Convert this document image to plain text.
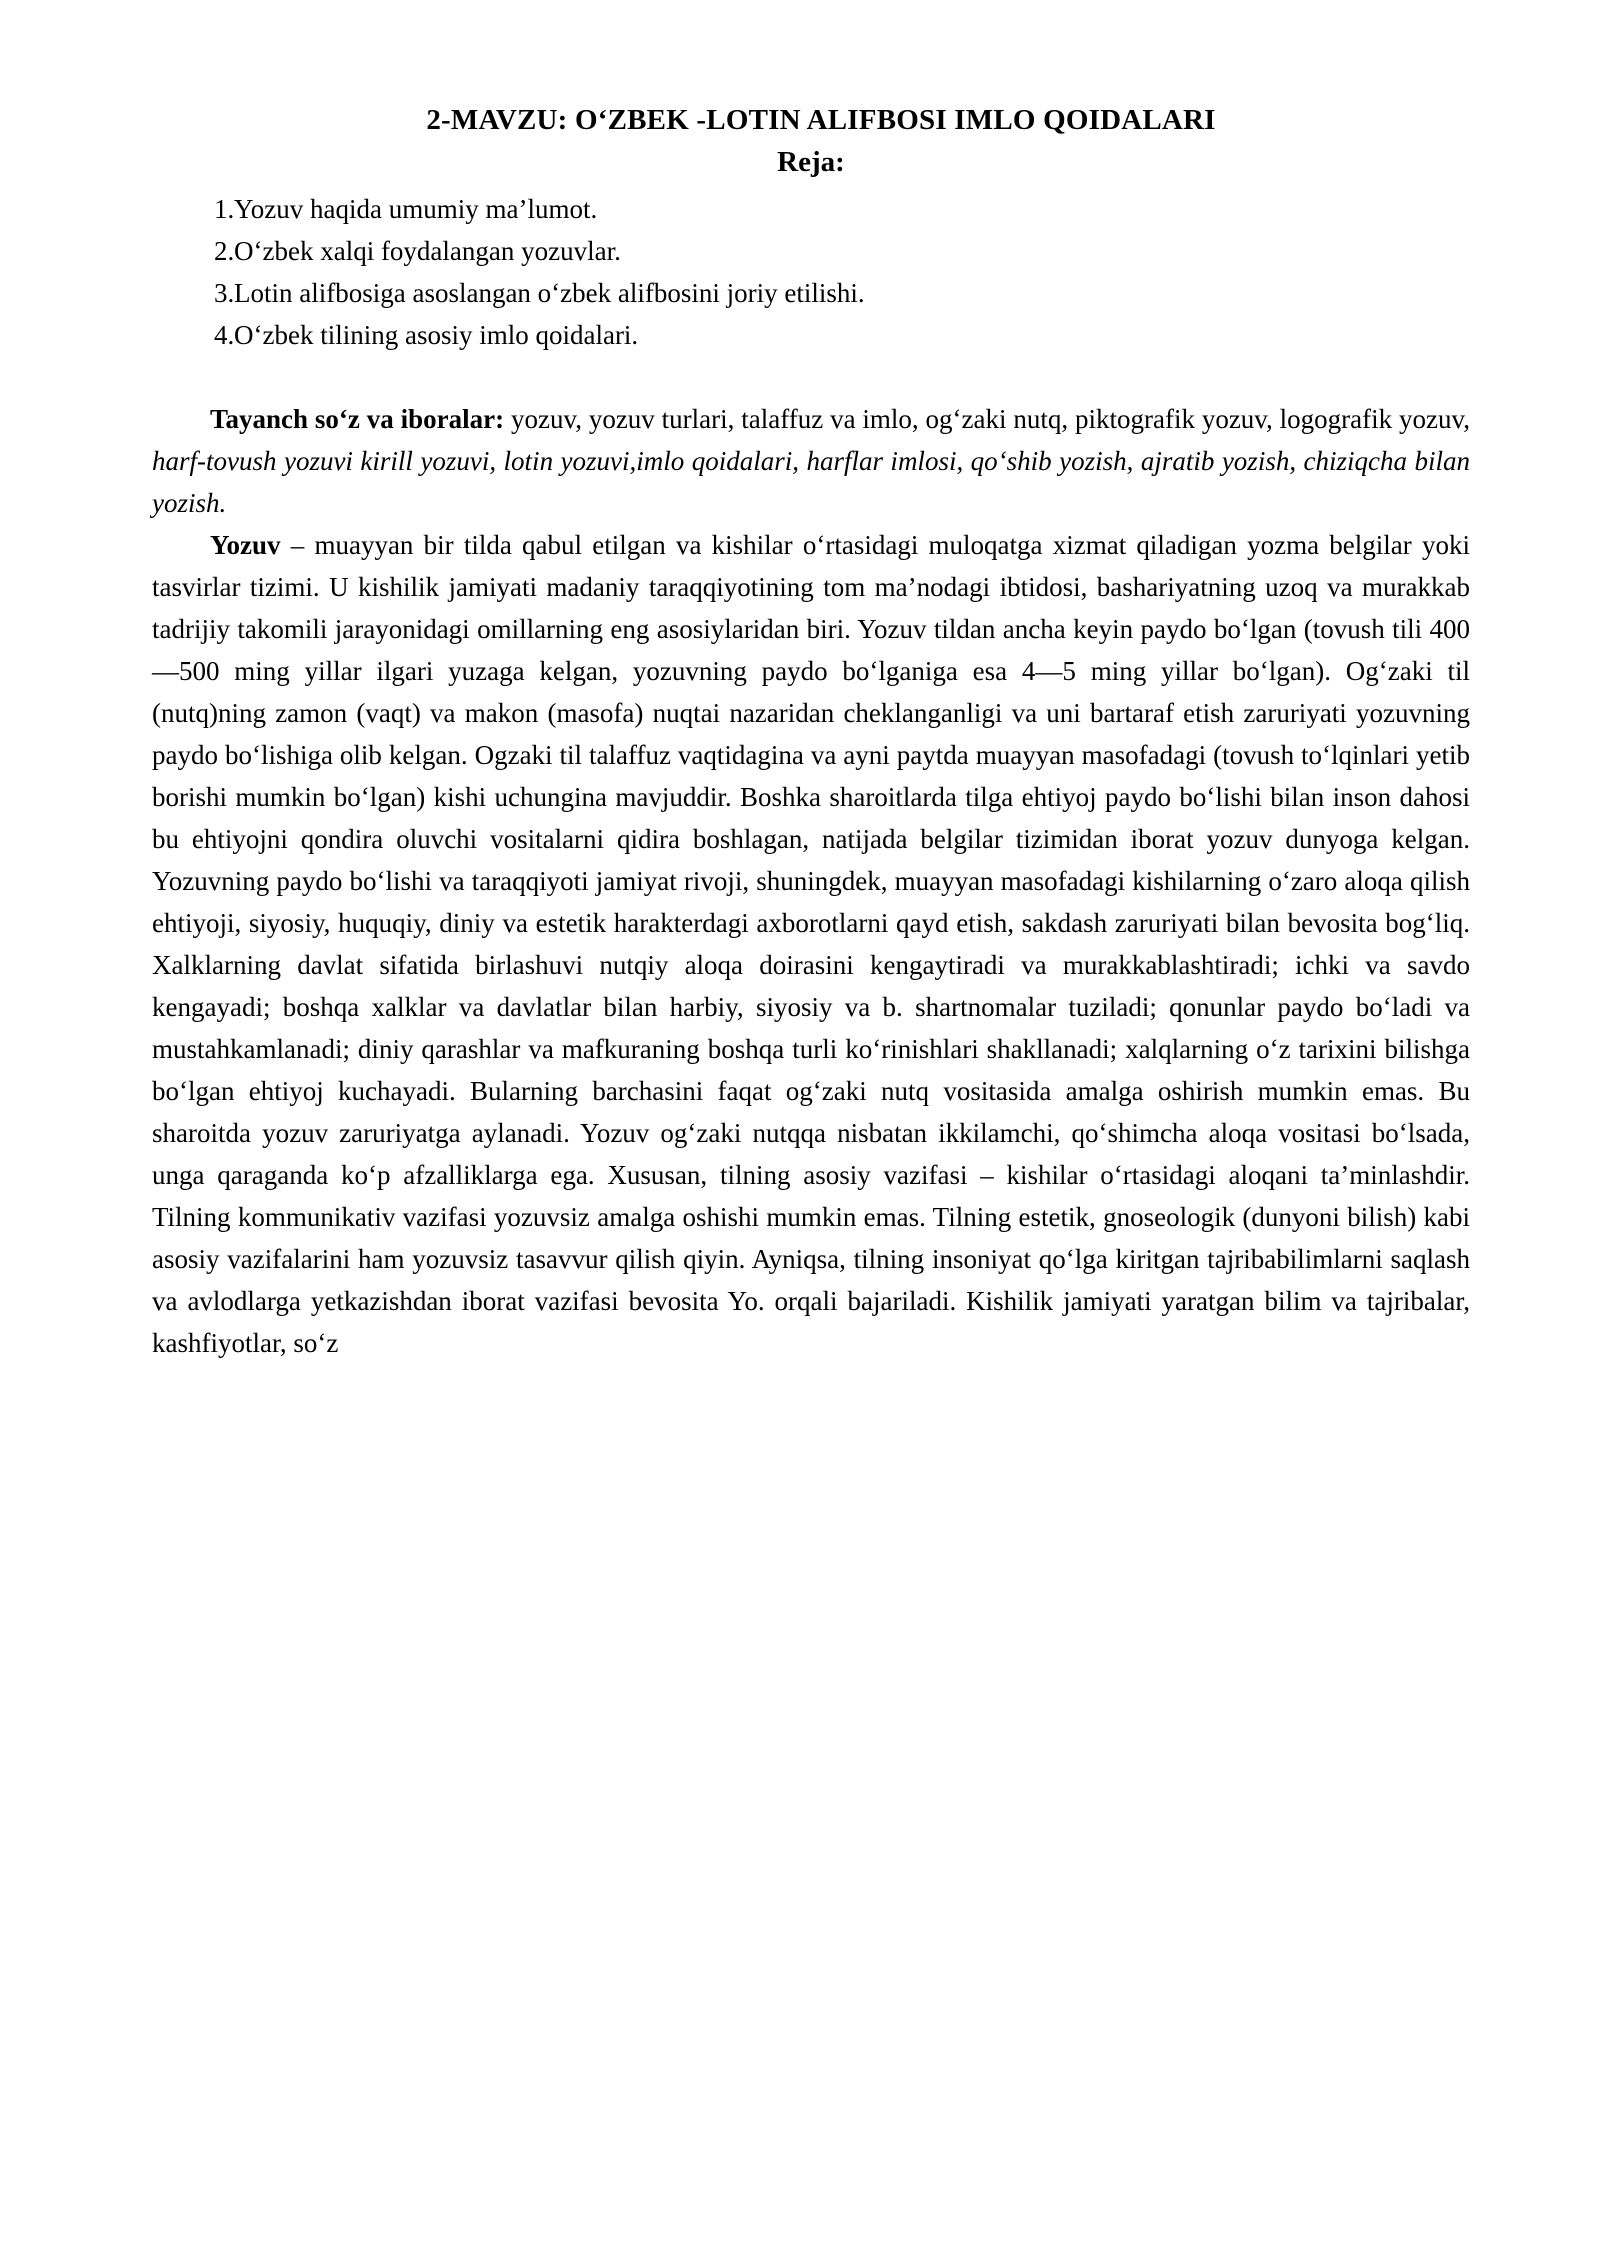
2-MAVZU: O‘ZBEK -LOTIN ALIFBOSI IMLO QOIDALARI
Reja:
1. Yozuv haqida umumiy ma’lumot.
2. O‘zbek xalqi foydalangan yozuvlar.
3. Lotin alifbosiga asoslangan o‘zbek alifbosini joriy etilishi.
4. O‘zbek tilining asosiy imlo qoidalari.

Tayanch so‘z va iboralar: yozuv, yozuv turlari, talaffuz va imlo, og‘zaki nutq, piktografik yozuv, logografik yozuv, harf-tovush yozuvi kirill yozuvi, lotin yozuvi,imlo qoidalari, harflar imlosi, qo‘shib yozish, ajratib yozish, chiziqcha bilan yozish.

Yozuv – muayyan bir tilda qabul etilgan va kishilar o‘rtasidagi muloqatga xizmat qiladigan yozma belgilar yoki tasvirlar tizimi. U kishilik jamiyati madaniy taraqqiyotining tom ma’nodagi ibtidosi, bashariyatning uzoq va murakkab tadrijiy takomili jarayonidagi omillarning eng asosiylaridan biri. Yozuv tildan ancha keyin paydo bo‘lgan (tovush tili 400—500 ming yillar ilgari yuzaga kelgan, yozuvning paydo bo‘lganiga esa 4—5 ming yillar bo‘lgan). Og‘zaki til (nutq)ning zamon (vaqt) va makon (masofa) nuqtai nazaridan cheklanganligi va uni bartaraf etish zaruriyati yozuvning paydo bo‘lishiga olib kelgan. Ogzaki til talaffuz vaqtidagina va ayni paytda muayyan masofadagi (tovush to‘lqinlari yetib borishi mumkin bo‘lgan) kishi uchungina mavjuddir. Boshka sharoitlarda tilga ehtiyoj paydo bo‘lishi bilan inson dahosi bu ehtiyojni qondira oluvchi vositalarni qidira boshlagan, natijada belgilar tizimidan iborat yozuv dunyoga kelgan. Yozuvning paydo bo‘lishi va taraqqiyoti jamiyat rivoji, shuningdek, muayyan masofadagi kishilarning o‘zaro aloqa qilish ehtiyoji, siyosiy, huquqiy, diniy va estetik harakterdagi axborotlarni qayd etish, sakdash zaruriyati bilan bevosita bog‘liq. Xalklarning davlat sifatida birlashuvi nutqiy aloqa doirasini kengaytiradi va murakkablashtiradi; ichki va savdo kengayadi; boshqa xalklar va davlatlar bilan harbiy, siyosiy va b. shartnomalar tuziladi; qonunlar paydo bo‘ladi va mustahkamlanadi; diniy qarashlar va mafkuraning boshqa turli ko‘rinishlari shakllanadi; xalqlarning o‘z tarixini bilishga bo‘lgan ehtiyoj kuchayadi. Bularning barchasini faqat og‘zaki nutq vositasida amalga oshirish mumkin emas. Bu sharoitda yozuv zaruriyatga aylanadi. Yozuv og‘zaki nutqqa nisbatan ikkilamchi, qo‘shimcha aloqa vositasi bo‘lsada, unga qaraganda ko‘p afzalliklarga ega. Xususan, tilning asosiy vazifasi – kishilar o‘rtasidagi aloqani ta’minlashdir. Tilning kommunikativ vazifasi yozuvsiz amalga oshishi mumkin emas. Tilning estetik, gnoseologik (dunyoni bilish) kabi asosiy vazifalarini ham yozuvsiz tasavvur qilish qiyin. Ayniqsa, tilning insoniyat qo‘lga kiritgan tajribabilimlarni saqlash va avlodlarga yetkazishdan iborat vazifasi bevosita Yo. orqali bajariladi. Kishilik jamiyati yaratgan bilim va tajribalar, kashfiyotlar, so‘z
